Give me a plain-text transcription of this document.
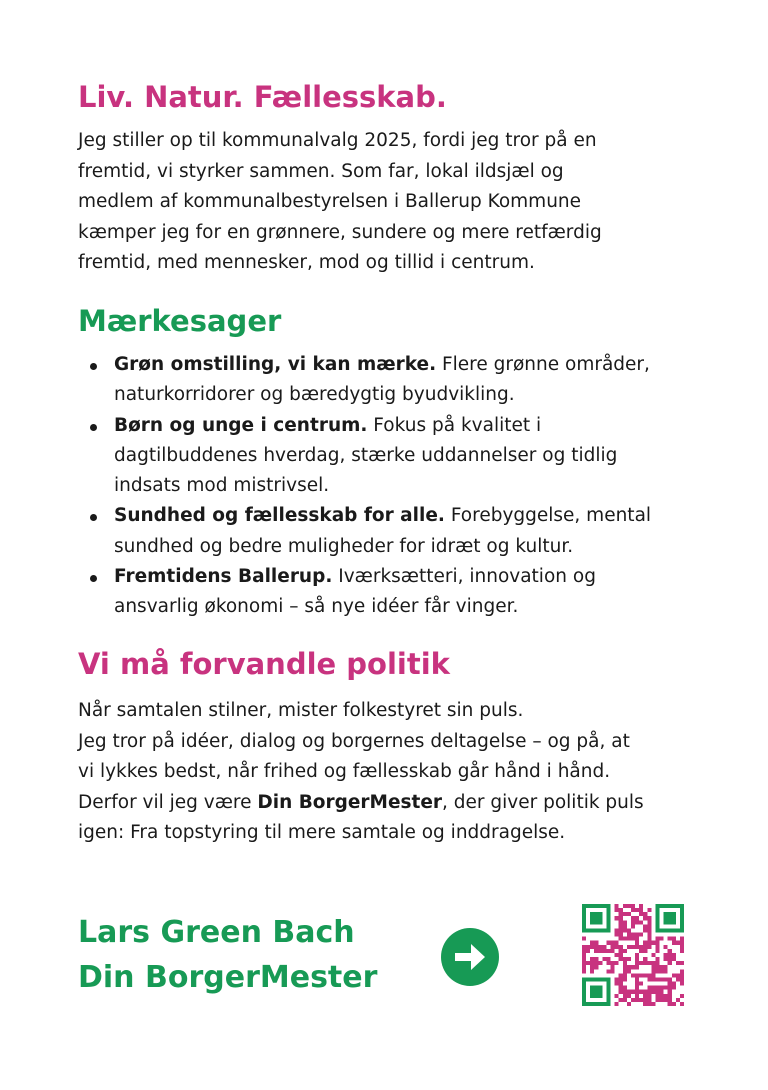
Liv. Natur. Fællesskab.
Jeg stiller op til kommunalvalg 2025, fordi jeg tror på en
fremtid, vi styrker sammen. Som far, lokal ildsjæl og
medlem af kommunalbestyrelsen i Ballerup Kommune
kæmper jeg for en grønnere, sundere og mere retfærdig
fremtid, med mennesker, mod og tillid i centrum.
Mærkesager
Grøn omstilling, vi kan mærke. Flere grønne områder,
naturkorridorer og bæredygtig byudvikling.
Børn og unge i centrum. Fokus på kvalitet i
dagtilbuddenes hverdag, stærke uddannelser og tidlig
indsats mod mistrivsel.
Sundhed og fællesskab for alle. Forebyggelse, mental
sundhed og bedre muligheder for idræt og kultur.
Fremtidens Ballerup. Iværksætteri, innovation og
ansvarlig økonomi – så nye idéer får vinger.
Vi må forvandle politik
Når samtalen stilner, mister folkestyret sin puls.
Jeg tror på idéer, dialog og borgernes deltagelse – og på, at
vi lykkes bedst, når frihed og fællesskab går hånd i hånd.
Derfor vil jeg være Din BorgerMester, der giver politik puls
igen: Fra topstyring til mere samtale og inddragelse.
Lars Green Bach
Din BorgerMester
